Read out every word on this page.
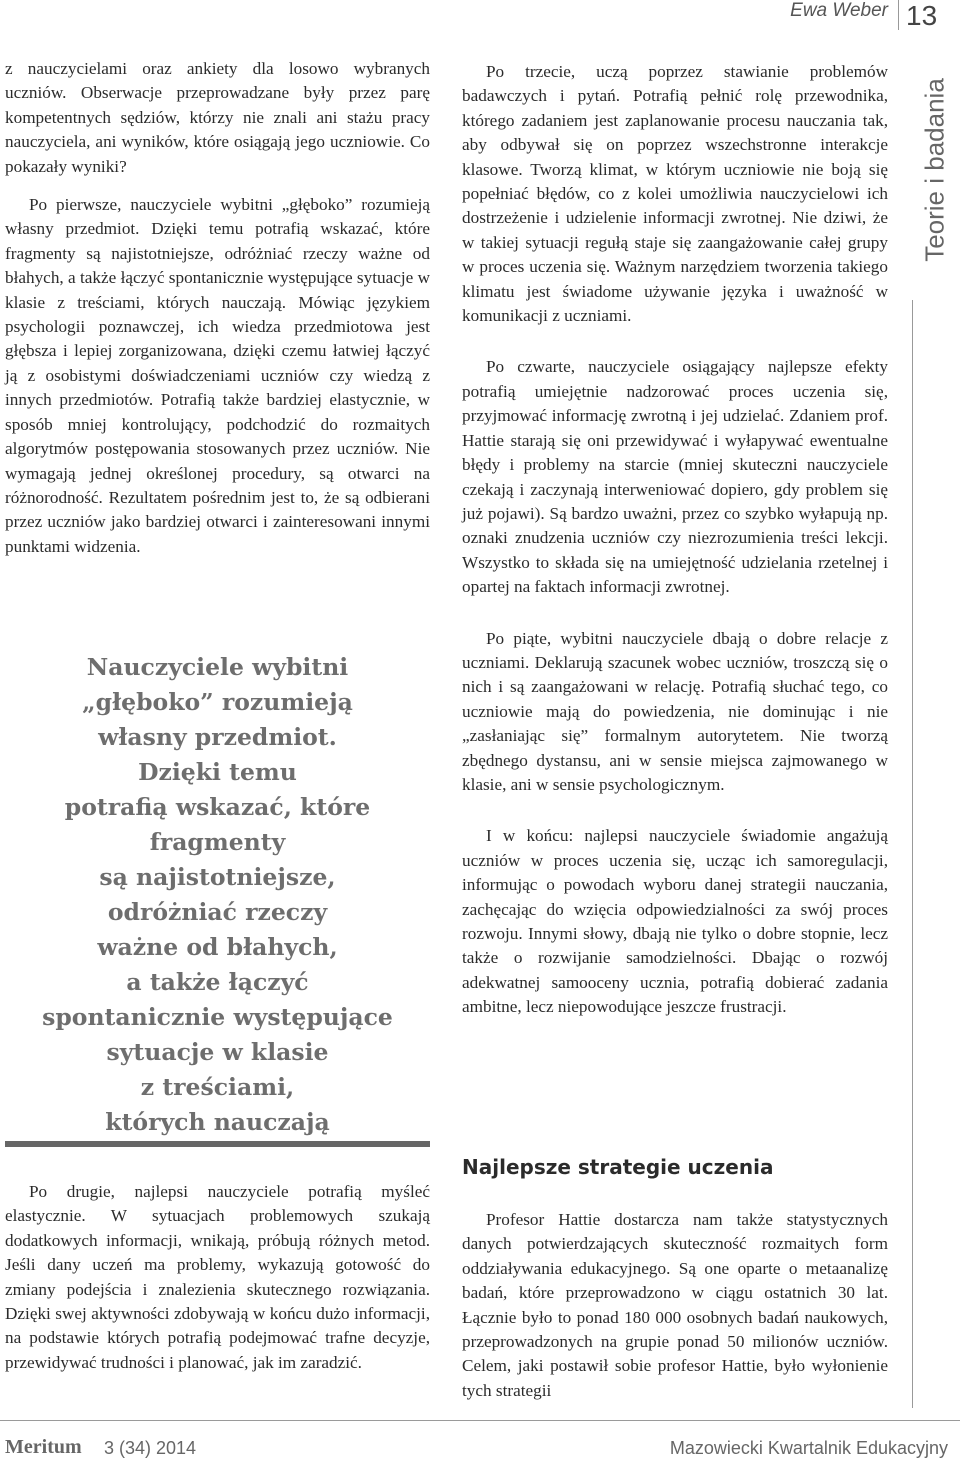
Ewa Weber 13
Teorie i badania

z nauczycielami oraz ankiety dla losowo wybranych uczniów. Obserwacje przeprowadzane były przez parę kompetentnych sędziów, którzy nie znali ani stażu pracy nauczyciela, ani wyników, które osiągają jego uczniowie. Co pokazały wyniki?

Po pierwsze, nauczyciele wybitni „głęboko” rozumieją własny przedmiot. Dzięki temu potrafią wskazać, które fragmenty są najistotniejsze, odróżniać rzeczy ważne od błahych, a także łączyć spontanicznie występujące sytuacje w klasie z treściami, których nauczają. Mówiąc językiem psychologii poznawczej, ich wiedza przedmiotowa jest głębsza i lepiej zorganizowana, dzięki czemu łatwiej łączyć ją z osobistymi doświadczeniami uczniów czy wiedzą z innych przedmiotów. Potrafią także bardziej elastycznie, w sposób mniej kontrolujący, podchodzić do rozmaitych algorytmów postępowania stosowanych przez uczniów. Nie wymagają jednej określonej procedury, są otwarci na różnorodność. Rezultatem pośrednim jest to, że są odbierani przez uczniów jako bardziej otwarci i zainteresowani innymi punktami widzenia.

Nauczyciele wybitni
„głęboko” rozumieją
własny przedmiot.
Dzięki temu
potrafią wskazać, które
fragmenty
są najistotniejsze,
odróżniać rzeczy
ważne od błahych,
a także łączyć
spontanicznie występujące
sytuacje w klasie
z treściami,
których nauczają

Po drugie, najlepsi nauczyciele potrafią myśleć elastycznie. W sytuacjach problemowych szukają dodatkowych informacji, wnikają, próbują różnych metod. Jeśli dany uczeń ma problemy, wykazują gotowość do zmiany podejścia i znalezienia skutecznego rozwiązania. Dzięki swej aktywności zdobywają w końcu dużo informacji, na podstawie których potrafią podejmować trafne decyzje, przewidywać trudności i planować, jak im zaradzić.

Po trzecie, uczą poprzez stawianie problemów badawczych i pytań. Potrafią pełnić rolę przewodnika, którego zadaniem jest zaplanowanie procesu nauczania tak, aby odbywał się on poprzez wszechstronne interakcje klasowe. Tworzą klimat, w którym uczniowie nie boją się popełniać błędów, co z kolei umożliwia nauczycielowi ich dostrzeżenie i udzielenie informacji zwrotnej. Nie dziwi, że w takiej sytuacji regułą staje się zaangażowanie całej grupy w proces uczenia się. Ważnym narzędziem tworzenia takiego klimatu jest świadome używanie języka i uważność w komunikacji z uczniami.

Po czwarte, nauczyciele osiągający najlepsze efekty potrafią umiejętnie nadzorować proces uczenia się, przyjmować informację zwrotną i jej udzielać. Zdaniem prof. Hattie starają się oni przewidywać i wyłapywać ewentualne błędy i problemy na starcie (mniej skuteczni nauczyciele czekają i zaczynają interweniować dopiero, gdy problem się już pojawi). Są bardzo uważni, przez co szybko wyłapują np. oznaki znudzenia uczniów czy niezrozumienia treści lekcji. Wszystko to składa się na umiejętność udzielania rzetelnej i opartej na faktach informacji zwrotnej.

Po piąte, wybitni nauczyciele dbają o dobre relacje z uczniami. Deklarują szacunek wobec uczniów, troszczą się o nich i są zaangażowani w relację. Potrafią słuchać tego, co uczniowie mają do powiedzenia, nie dominując i nie „zasłaniając się” formalnym autorytetem. Nie tworzą zbędnego dystansu, ani w sensie miejsca zajmowanego w klasie, ani w sensie psychologicznym.

I w końcu: najlepsi nauczyciele świadomie angażują uczniów w proces uczenia się, ucząc ich samoregulacji, informując o powodach wyboru danej strategii nauczania, zachęcając do wzięcia odpowiedzialności za swój proces rozwoju. Innymi słowy, dbają nie tylko o dobre stopnie, lecz także o rozwijanie samodzielności. Dbając o rozwój adekwatnej samooceny ucznia, potrafią dobierać zadania ambitne, lecz niepowodujące jeszcze frustracji.

Najlepsze strategie uczenia

Profesor Hattie dostarcza nam także statystycznych danych potwierdzających skuteczność rozmaitych form oddziaływania edukacyjnego. Są one oparte o metaanalizę badań, które przeprowadzono w ciągu ostatnich 30 lat. Łącznie było to ponad 180 000 osobnych badań naukowych, przeprowadzonych na grupie ponad 50 milionów uczniów. Celem, jaki postawił sobie profesor Hattie, było wyłonienie tych strategii

Meritum 3 (34) 2014	Mazowiecki Kwartalnik Edukacyjny
